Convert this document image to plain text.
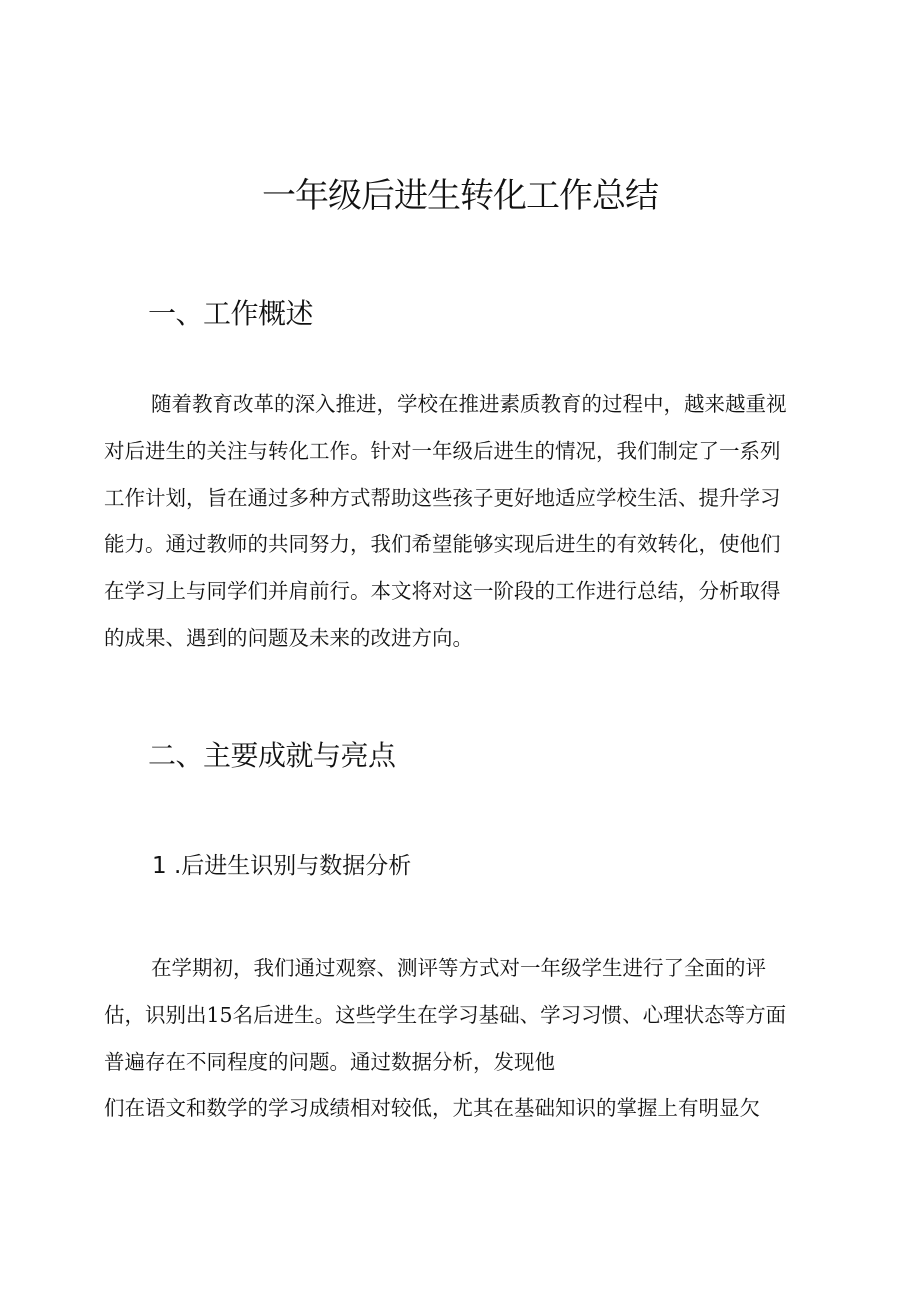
一年级后进生转化工作总结
一、工作概述

随着教育改革的深入推进，学校在推进素质教育的过程中，越来越重视
对后进生的关注与转化工作。针对一年级后进生的情况，我们制定了一系列
工作计划，旨在通过多种方式帮助这些孩子更好地适应学校生活、提升学习
能力。通过教师的共同努力，我们希望能够实现后进生的有效转化，使他们
在学习上与同学们并肩前行。本文将对这一阶段的工作进行总结，分析取得
的成果、遇到的问题及未来的改进方向。

二、主要成就与亮点
1 .后进生识别与数据分析

在学期初，我们通过观察、测评等方式对一年级学生进行了全面的评
估，识别出15名后进生。这些学生在学习基础、学习习惯、心理状态等方面
普遍存在不同程度的问题。通过数据分析，发现他
们在语文和数学的学习成绩相对较低，尤其在基础知识的掌握上有明显欠
